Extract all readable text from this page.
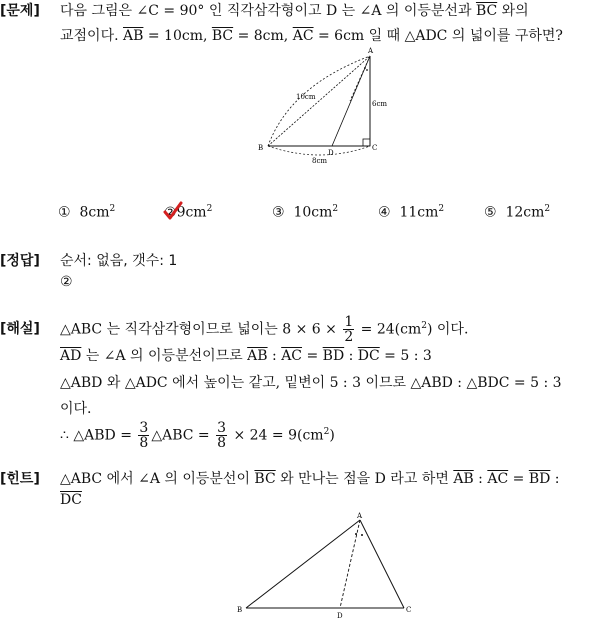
[문제] 다음 그림은 ∠C = 90° 인 직각삼각형이고 D 는 ∠A 의 이등분선과 $\overline{BC}$ 와의
교점이다. $\overline{AB} = 10cm$, $\overline{BC} = 8cm$, $\overline{AC} = 6cm$ 일 때 △ADC 의 넓이를 구하면?
A
B	C
D
10cm
6cm
8cm
① $8cm^2$	②
$9cm^2$	③ $10cm^2$	④ $11cm^2$	⑤ $12cm^2$
[정답] 순서: 없음, 갯수: 1
②
[해설] △ABC 는 직각삼각형이므로 넓이는 $8 \times 6 \times \frac{1}{2} = 24(cm^2)$ 이다.
$\overline{AD}$ 는 ∠A 의 이등분선이므로 $\overline{AB}$ : $\overline{AC} = \overline{BD}$ : $\overline{DC} = 5$ : 3
△ABD 와 △ADC 에서 높이는 같고, 밑변이 5 : 3 이므로 △ABD : △BDC = 5 : 3
이다.
∴ △ABD = $\frac{3}{8}$ △ABC = $\frac{3}{8} \times 24 = 9(cm^2)$
[힌트] △ABC 에서 ∠A 의 이등분선이 $\overline{BC}$ 와 만나는 점을 D 라고 하면 $\overline{AB}$ : $\overline{AC} = \overline{BD}$ :
$\overline{DC}$
A
B	C
D
